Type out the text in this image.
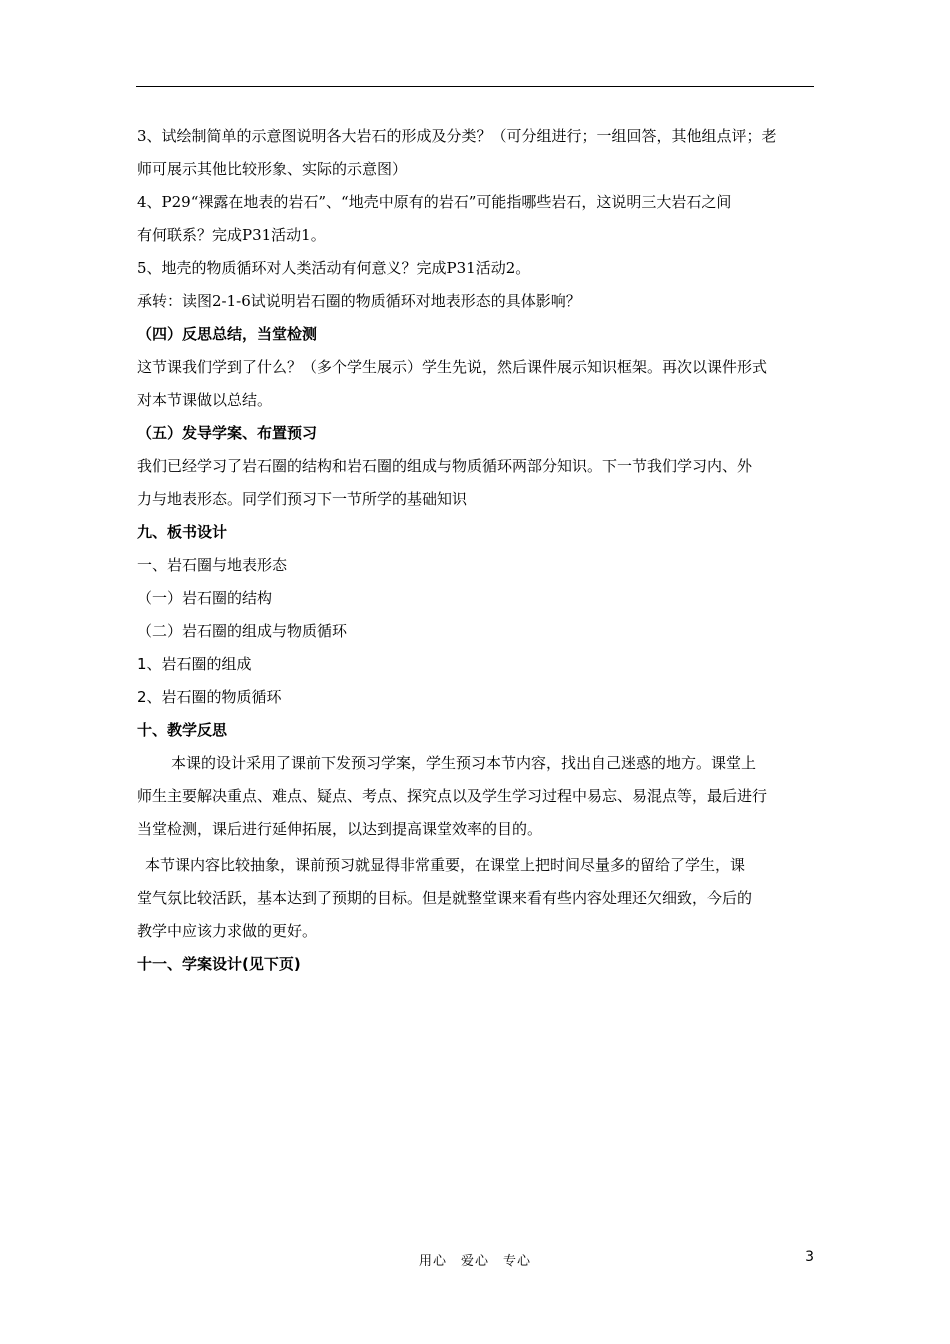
3、试绘制简单的示意图说明各大岩石的形成及分类？（可分组进行；一组回答，其他组点评；老

师可展示其他比较形象、实际的示意图）

4、P29“裸露在地表的岩石”、“地壳中原有的岩石”可能指哪些岩石，这说明三大岩石之间

有何联系？完成P31活动1。

5、地壳的物质循环对人类活动有何意义？完成P31活动2。

承转：读图2-1-6试说明岩石圈的物质循环对地表形态的具体影响？

（四）反思总结，当堂检测

这节课我们学到了什么？（多个学生展示）学生先说，然后课件展示知识框架。再次以课件形式

对本节课做以总结。

（五）发导学案、布置预习

我们已经学习了岩石圈的结构和岩石圈的组成与物质循环两部分知识。下一节我们学习内、外

力与地表形态。同学们预习下一节所学的基础知识

九、板书设计

一、岩石圈与地表形态

（一）岩石圈的结构

（二）岩石圈的组成与物质循环

1、岩石圈的组成

2、岩石圈的物质循环

十、教学反思

本课的设计采用了课前下发预习学案，学生预习本节内容，找出自己迷惑的地方。课堂上

师生主要解决重点、难点、疑点、考点、探究点以及学生学习过程中易忘、易混点等，最后进行

当堂检测，课后进行延伸拓展，以达到提高课堂效率的目的。

本节课内容比较抽象，课前预习就显得非常重要，在课堂上把时间尽量多的留给了学生，课

堂气氛比较活跃，基本达到了预期的目标。但是就整堂课来看有些内容处理还欠细致，今后的

教学中应该力求做的更好。

十一、学案设计(见下页)

用心　爱心　专心	3
